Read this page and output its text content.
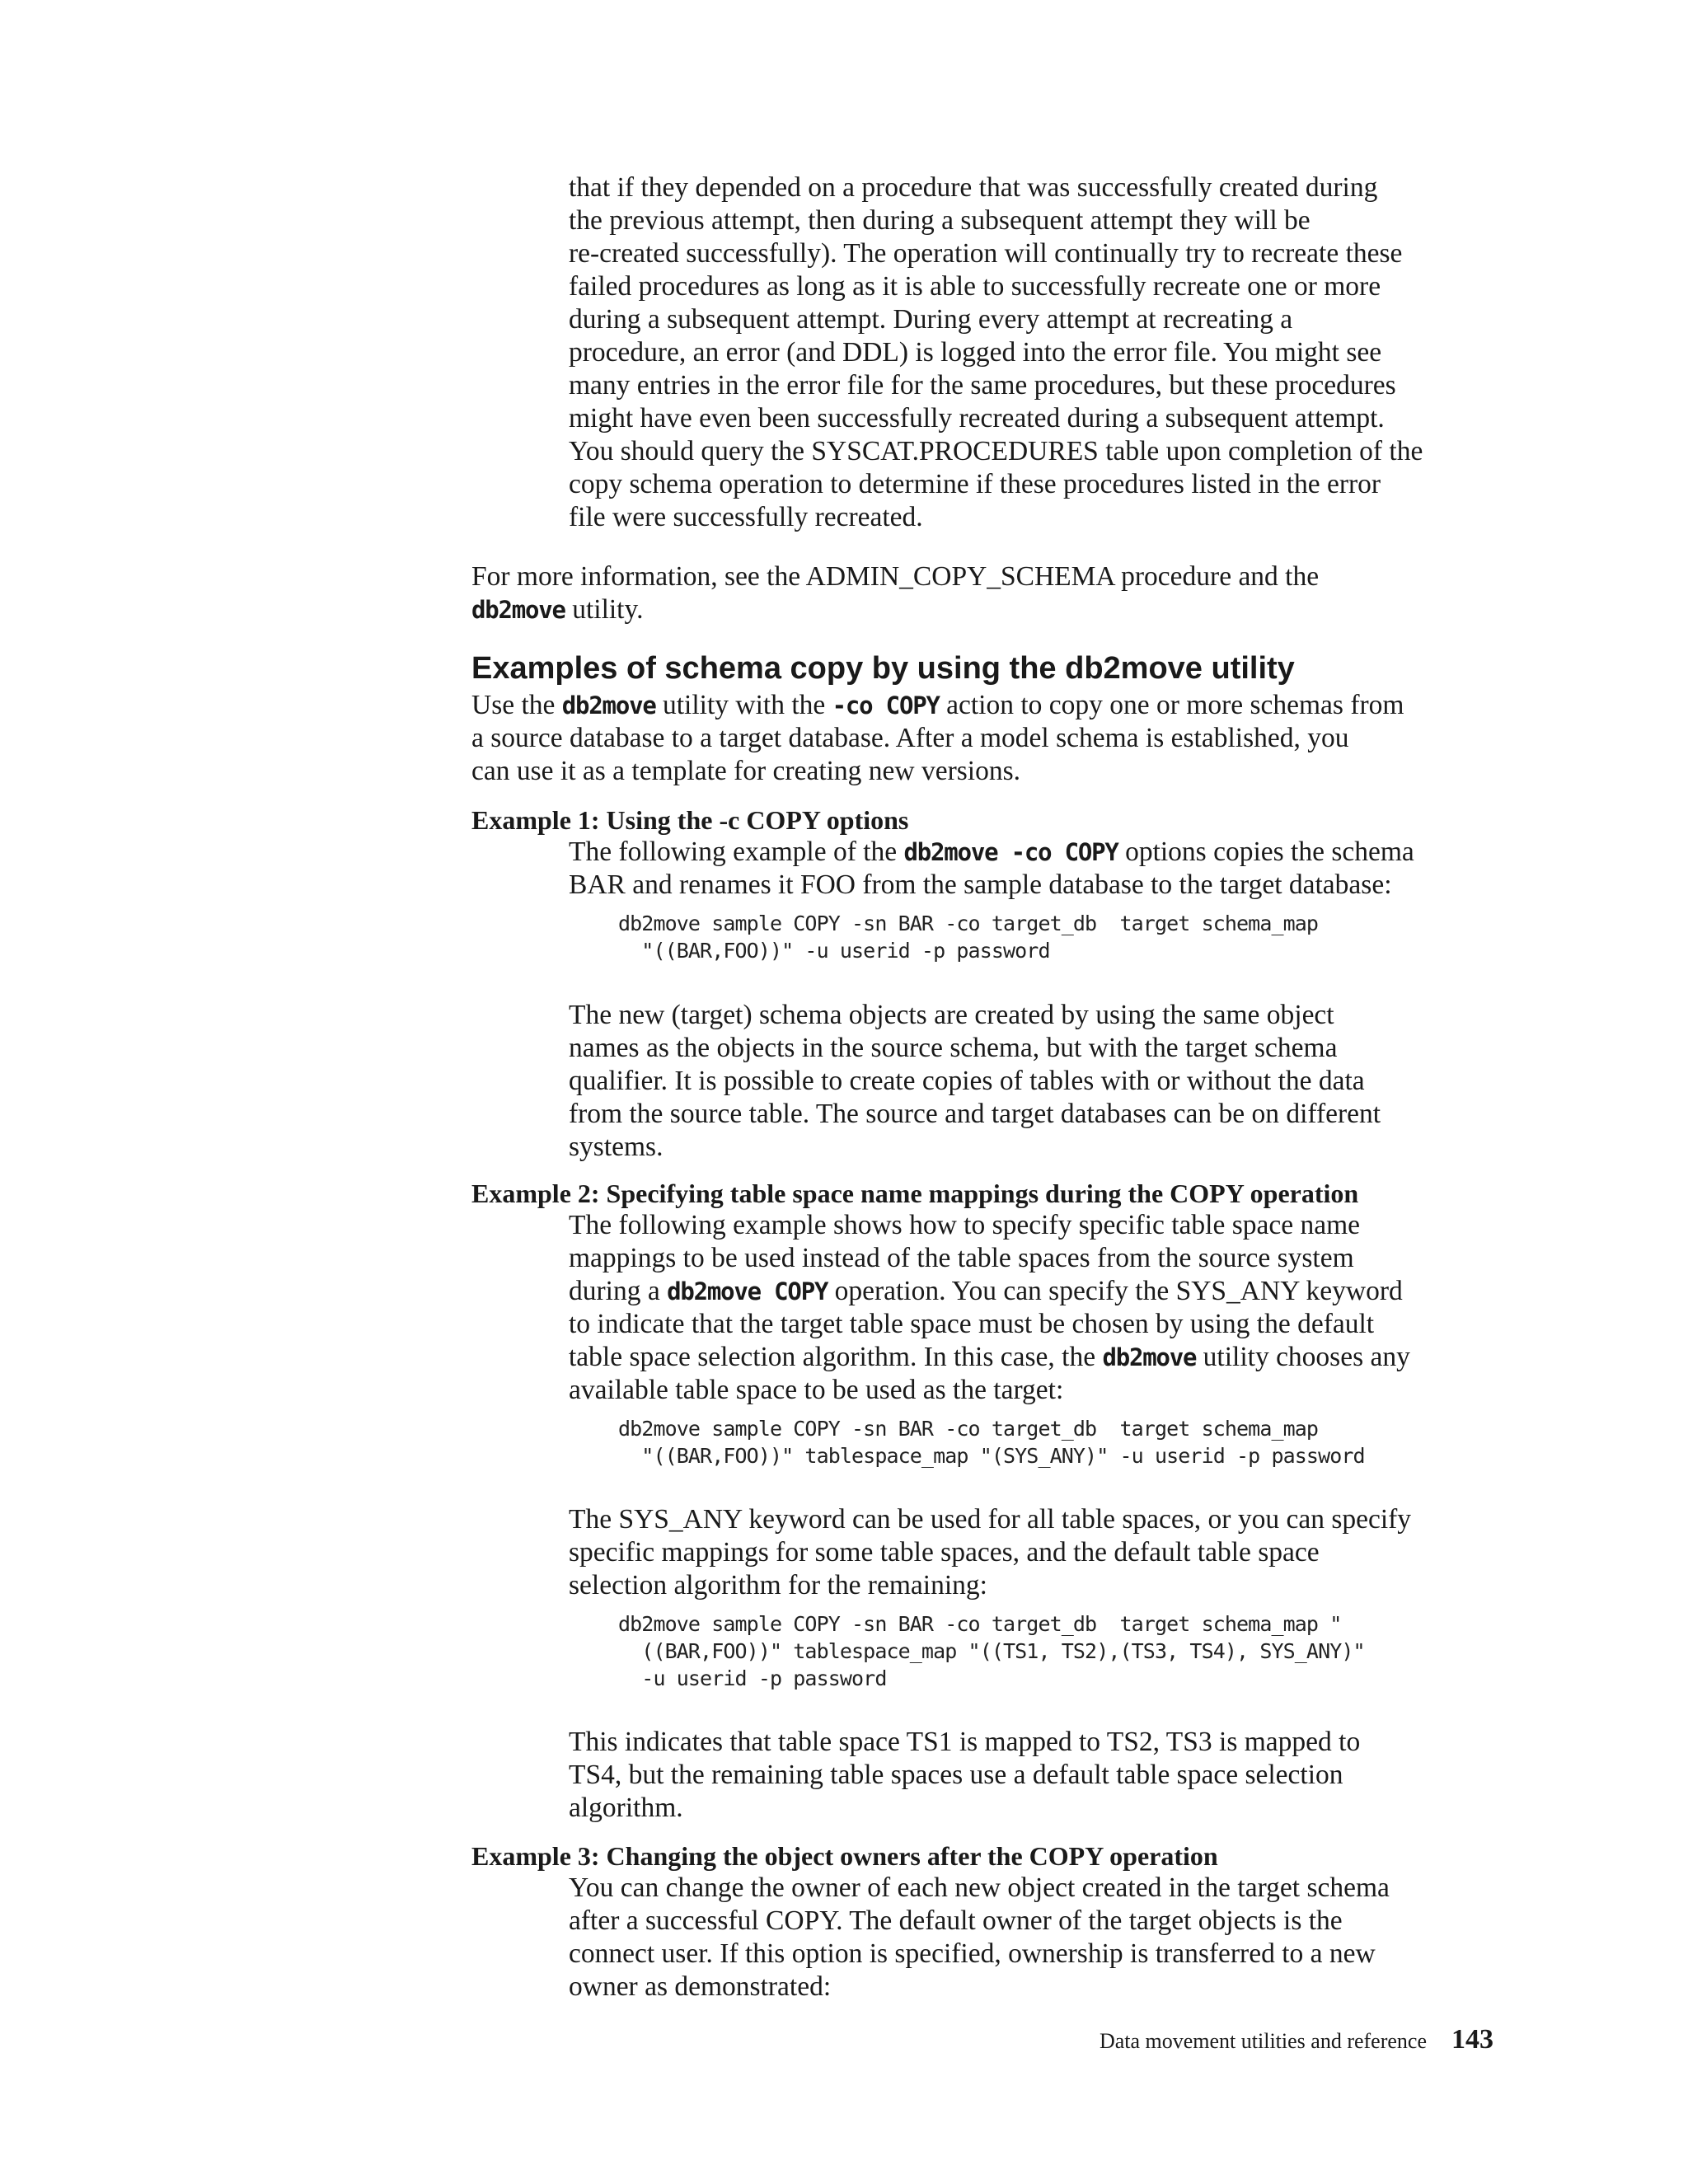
that if they depended on a procedure that was successfully created during
the previous attempt, then during a subsequent attempt they will be
re-created successfully). The operation will continually try to recreate these
failed procedures as long as it is able to successfully recreate one or more
during a subsequent attempt. During every attempt at recreating a
procedure, an error (and DDL) is logged into the error file. You might see
many entries in the error file for the same procedures, but these procedures
might have even been successfully recreated during a subsequent attempt.
You should query the SYSCAT.PROCEDURES table upon completion of the
copy schema operation to determine if these procedures listed in the error
file were successfully recreated.
For more information, see the ADMIN_COPY_SCHEMA procedure and the
db2move utility.
Examples of schema copy by using the db2move utility
Use the db2move utility with the -co COPY action to copy one or more schemas from
a source database to a target database. After a model schema is established, you
can use it as a template for creating new versions.
Example 1: Using the -c COPY options
The following example of the db2move -co COPY options copies the schema
BAR and renames it FOO from the sample database to the target database:
db2move sample COPY -sn BAR -co target_db  target schema_map
"((BAR,FOO))" -u userid -p password
The new (target) schema objects are created by using the same object
names as the objects in the source schema, but with the target schema
qualifier. It is possible to create copies of tables with or without the data
from the source table. The source and target databases can be on different
systems.
Example 2: Specifying table space name mappings during the COPY operation
The following example shows how to specify specific table space name
mappings to be used instead of the table spaces from the source system
during a db2move COPY operation. You can specify the SYS_ANY keyword
to indicate that the target table space must be chosen by using the default
table space selection algorithm. In this case, the db2move utility chooses any
available table space to be used as the target:
db2move sample COPY -sn BAR -co target_db  target schema_map
"((BAR,FOO))" tablespace_map "(SYS_ANY)" -u userid -p password
The SYS_ANY keyword can be used for all table spaces, or you can specify
specific mappings for some table spaces, and the default table space
selection algorithm for the remaining:
db2move sample COPY -sn BAR -co target_db  target schema_map "
((BAR,FOO))" tablespace_map "((TS1, TS2),(TS3, TS4), SYS_ANY)"
-u userid -p password
This indicates that table space TS1 is mapped to TS2, TS3 is mapped to
TS4, but the remaining table spaces use a default table space selection
algorithm.
Example 3: Changing the object owners after the COPY operation
You can change the owner of each new object created in the target schema
after a successful COPY. The default owner of the target objects is the
connect user. If this option is specified, ownership is transferred to a new
owner as demonstrated:
Data movement utilities and reference 143
